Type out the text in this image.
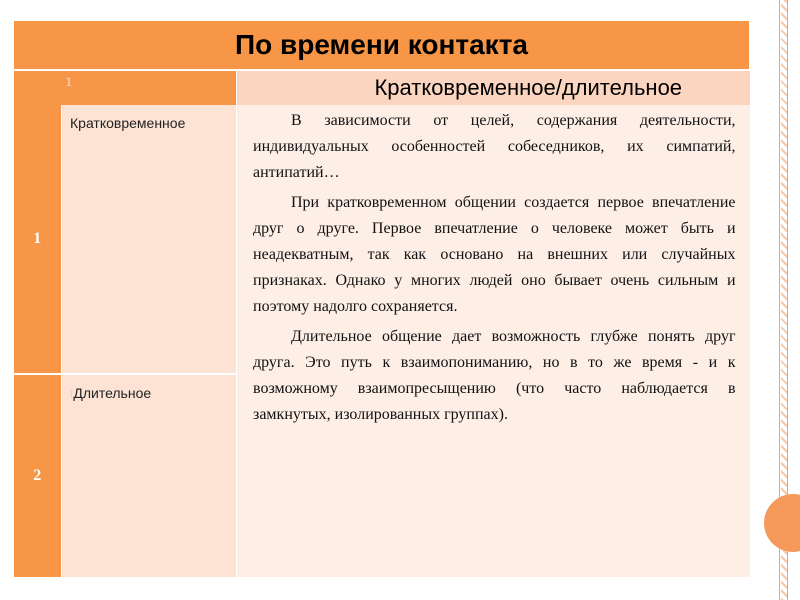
По времени контакта		
1		Кратковременное/длительное
1	Кратковременное	В зависимости от целей, содержания деятельности, индивидуальных особенностей собеседников, их симпатий, антипатий…

При кратковременном общении создается первое впечатление друг о друге. Первое впечатление о человеке может быть и неадекватным, так как основано на внешних или случайных признаках. Однако у многих людей оно бывает очень сильным и поэтому надолго сохраняется.

Длительное общение дает возможность глубже понять друг друга. Это путь к взаимопониманию, но в то же время - и к возможному взаимопресыщению (что часто наблюдается в замкнутых, изолированных группах).

2	lДлительное	
